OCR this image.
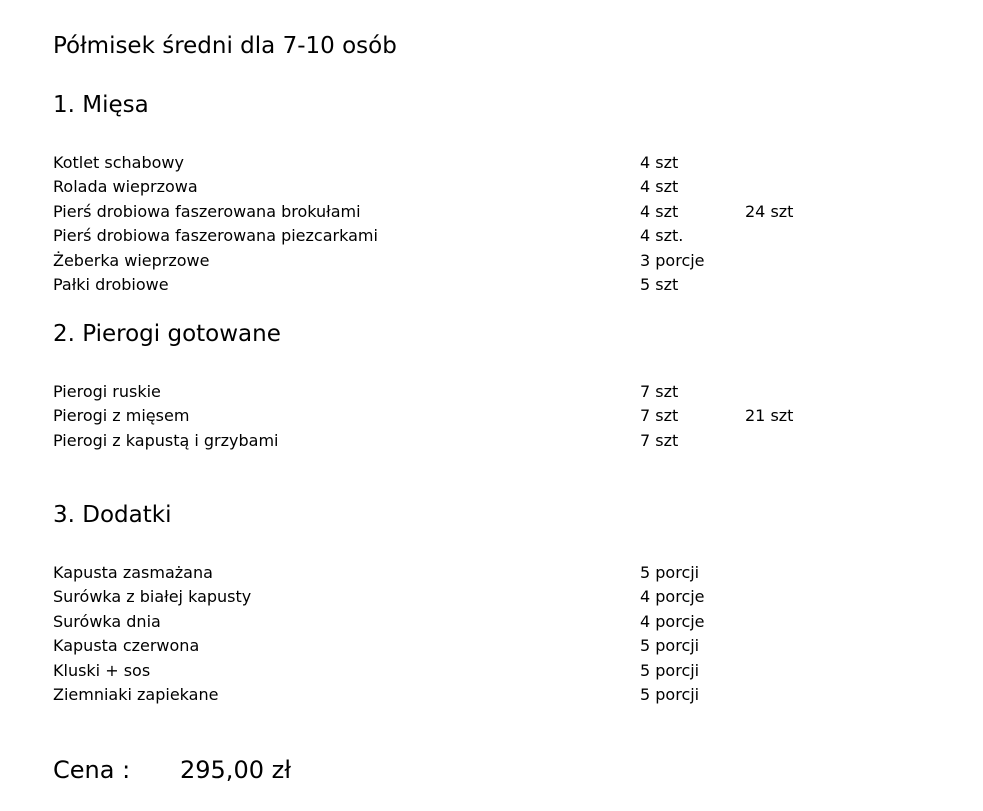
Półmisek średni dla 7-10 osób
1. Mięsa
Kotlet schabowy	4 szt
Rolada wieprzowa	4 szt
Pierś drobiowa faszerowana brokułami	4 szt	24 szt
Pierś drobiowa faszerowana piezcarkami	4 szt.
Żeberka wieprzowe	3 porcje
Pałki drobiowe	5 szt
2. Pierogi gotowane
Pierogi ruskie	7 szt
Pierogi z mięsem	7 szt	21 szt
Pierogi z kapustą i grzybami	7 szt
3. Dodatki
Kapusta zasmażana	5 porcji
Surówka z białej kapusty	4 porcje
Surówka dnia	4 porcje
Kapusta czerwona	5 porcji
Kluski + sos	5 porcji
Ziemniaki zapiekane	5 porcji
Cena : 295,00 zł
